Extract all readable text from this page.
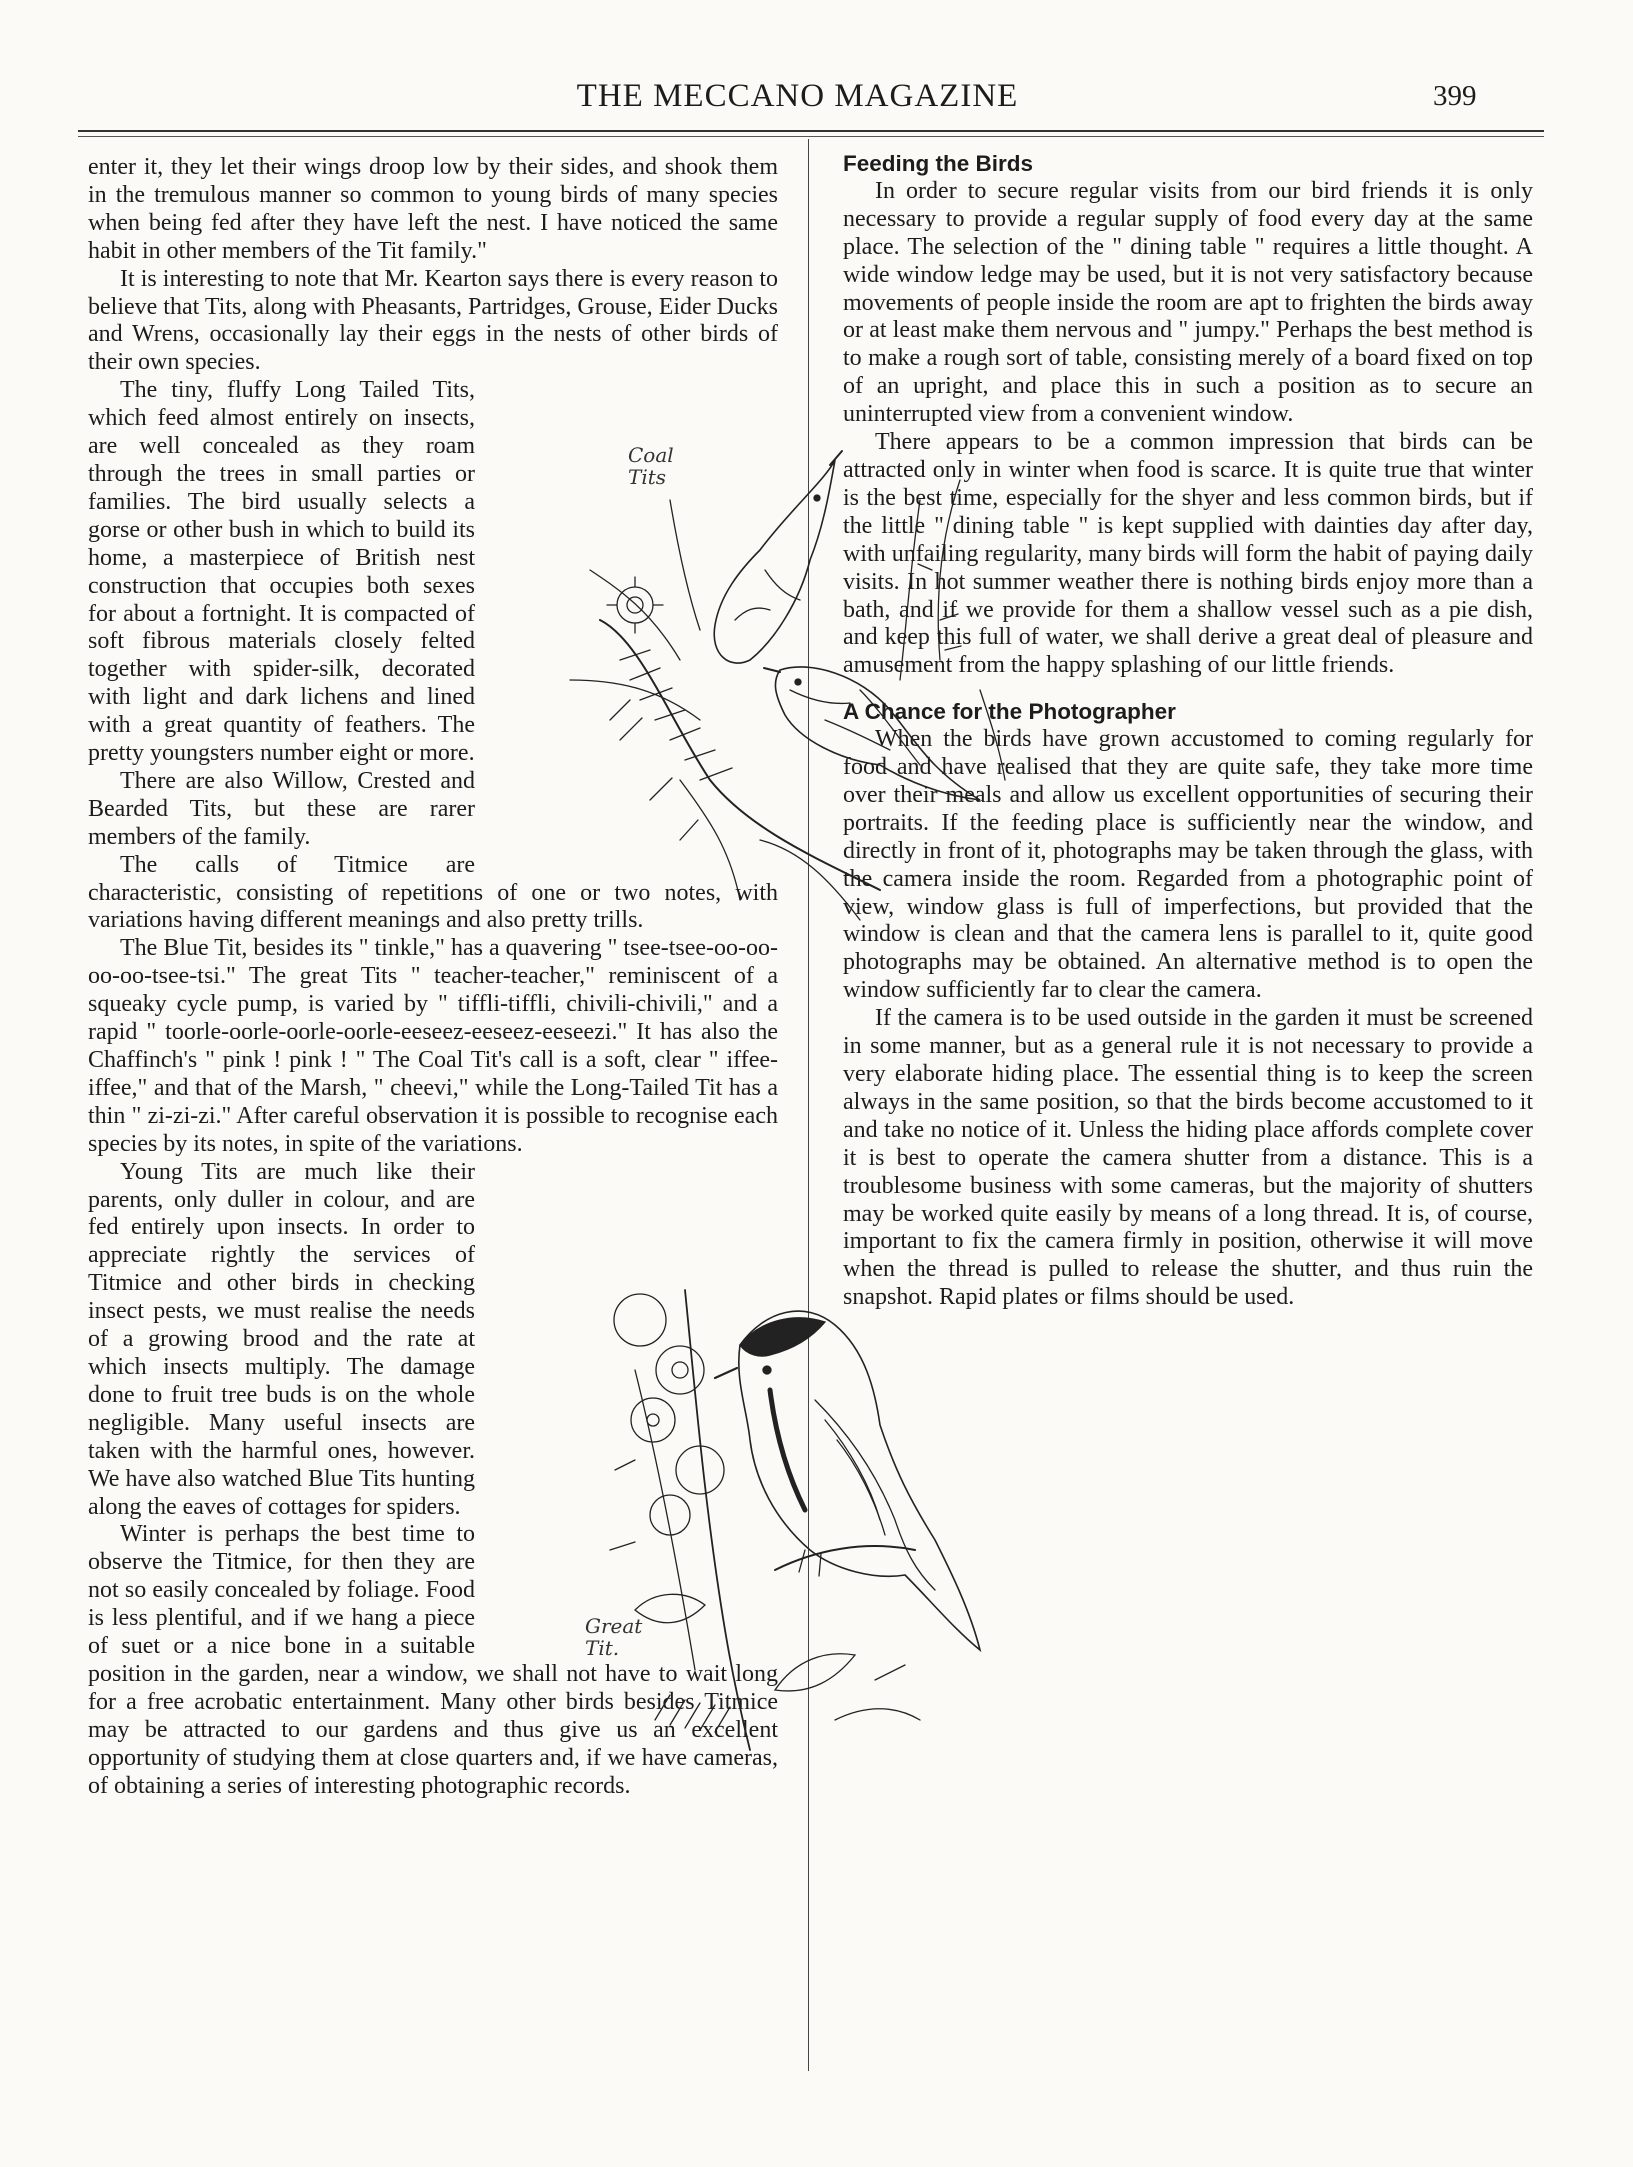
THE MECCANO MAGAZINE	399

enter it, they let their wings droop low by their sides, and shook them in the tremulous manner so common to young birds of many species when being fed after they have left the nest. I have noticed the same habit in other members of the Tit family."

It is interesting to note that Mr. Kearton says there is every reason to believe that Tits, along with Pheasants, Partridges, Grouse, Eider Ducks and Wrens, occasionally lay their eggs in the nests of other birds of their own species.

The tiny, fluffy Long Tailed Tits, which feed almost entirely on insects, are well concealed as they roam through the trees in small parties or families. The bird usually selects a gorse or other bush in which to build its home, a masterpiece of British nest construction that occupies both sexes for about a fortnight. It is compacted of soft fibrous materials closely felted together with spider-silk, decorated with light and dark lichens and lined with a great quantity of feathers. The pretty youngsters number eight or more.

There are also Willow, Crested and Bearded Tits, but these are rarer members of the family.

The calls of Titmice are characteristic, consisting of repetitions of one or two notes, with variations having different meanings and also pretty trills.

The Blue Tit, besides its " tinkle," has a quavering " tsee-tsee-oo-oo-oo-oo-tsee-tsi." The great Tits " teacher-teacher," reminiscent of a squeaky cycle pump, is varied by " tiffli-tiffli, chivili-chivili," and a rapid " toorle-oorle-oorle-oorle-eeseez-eeseez-eeseezi." It has also the Chaffinch's " pink ! pink ! " The Coal Tit's call is a soft, clear " iffee-iffee," and that of the Marsh, " cheevi," while the Long-Tailed Tit has a thin " zi-zi-zi." After careful observation it is possible to recognise each species by its notes, in spite of the variations.

Young Tits are much like their parents, only duller in colour, and are fed entirely upon insects. In order to appreciate rightly the services of Titmice and other birds in checking insect pests, we must realise the needs of a growing brood and the rate at which insects multiply. The damage done to fruit tree buds is on the whole negligible. Many useful insects are taken with the harmful ones, however. We have also watched Blue Tits hunting along the eaves of cottages for spiders.

Winter is perhaps the best time to observe the Titmice, for then they are not so easily concealed by foliage. Food is less plentiful, and if we hang a piece of suet or a nice bone in a suitable position in the garden, near a window, we shall not have to wait long for a free acrobatic entertainment. Many other birds besides Titmice may be attracted to our gardens and thus give us an excellent opportunity of studying them at close quarters and, if we have cameras, of obtaining a series of interesting photographic records.

Feeding the Birds

In order to secure regular visits from our bird friends it is only necessary to provide a regular supply of food every day at the same place. The selection of the " dining table " requires a little thought. A wide window ledge may be used, but it is not very satisfactory because movements of people inside the room are apt to frighten the birds away or at least make them nervous and " jumpy." Perhaps the best method is to make a rough sort of table, consisting merely of a board fixed on top of an upright, and place this in such a position as to secure an uninterrupted view from a convenient window.

There appears to be a common impression that birds can be attracted only in winter when food is scarce. It is quite true that winter is the best time, especially for the shyer and less common birds, but if the little " dining table " is kept supplied with dainties day after day, with unfailing regularity, many birds will form the habit of paying daily visits. In hot summer weather there is nothing birds enjoy more than a bath, and if we provide for them a shallow vessel such as a pie dish, and keep this full of water, we shall derive a great deal of pleasure and amusement from the happy splashing of our little friends.

A Chance for the Photographer

When the birds have grown accustomed to coming regularly for food and have realised that they are quite safe, they take more time over their meals and allow us excellent opportunities of securing their portraits. If the feeding place is sufficiently near the window, and directly in front of it, photographs may be taken through the glass, with the camera inside the room. Regarded from a photographic point of view, window glass is full of imperfections, but provided that the window is clean and that the camera lens is parallel to it, quite good photographs may be obtained. An alternative method is to open the window sufficiently far to clear the camera.

If the camera is to be used outside in the garden it must be screened in some manner, but as a general rule it is not necessary to provide a very elaborate hiding place. The essential thing is to keep the screen always in the same position, so that the birds become accustomed to it and take no notice of it. Unless the hiding place affords complete cover it is best to operate the camera shutter from a distance. This is a troublesome business with some cameras, but the majority of shutters may be worked quite easily by means of a long thread. It is, of course, important to fix the camera firmly in position, otherwise it will move when the thread is pulled to release the shutter, and thus ruin the snapshot. Rapid plates or films should be used.

Coal Tits
Great Tit.
